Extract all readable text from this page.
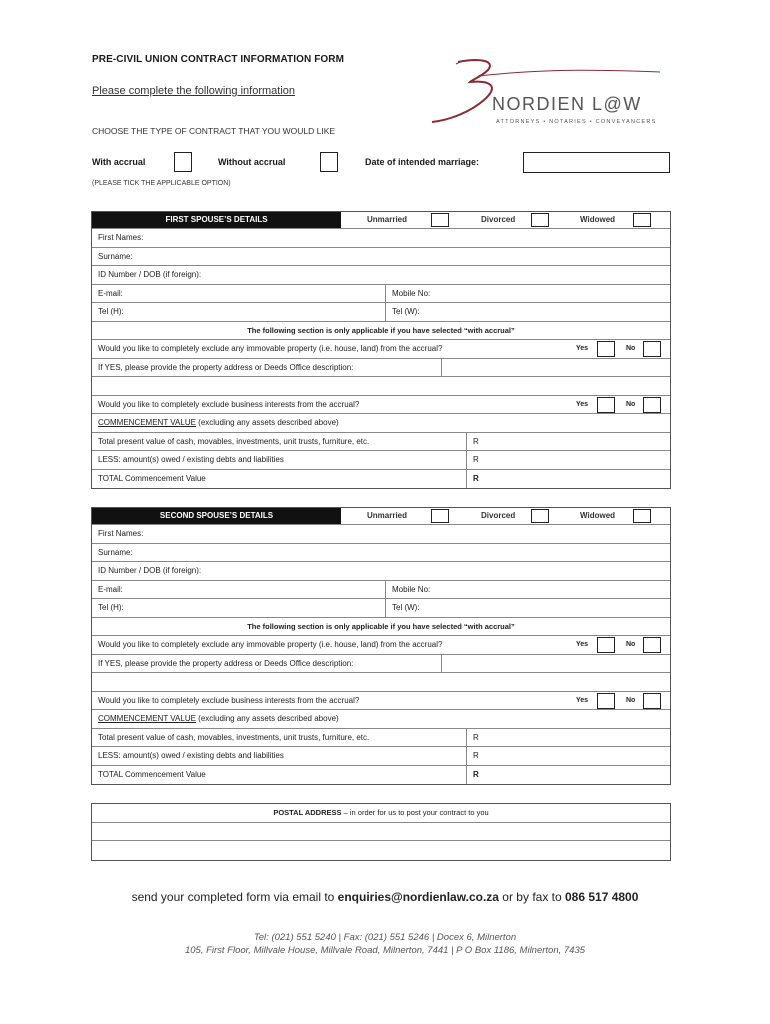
PRE-CIVIL UNION CONTRACT INFORMATION FORM
Please complete the following information
CHOOSE THE TYPE OF CONTRACT THAT YOU WOULD LIKE
NORDIEN L@W
ATTORNEYS • NOTARIES • CONVEYANCERS
With accrual	Without accrual	Date of intended marriage:
(PLEASE TICK THE APPLICABLE OPTION)
FIRST SPOUSE’S DETAILS	Unmarried	Divorced	Widowed
First Names:
Surname:
ID Number / DOB (if foreign):
E-mail:	Mobile No:
Tel (H):	Tel (W):
The following section is only applicable if you have selected “with accrual”
Would you like to completely exclude any immovable property (i.e. house, land) from the accrual?	Yes	No
If YES, please provide the property address or Deeds Office description:
Would you like to completely exclude business interests from the accrual?	Yes	No
COMMENCEMENT VALUE (excluding any assets described above)
Total present value of cash, movables, investments, unit trusts, furniture, etc.	R
LESS: amount(s) owed / existing debts and liabilities	R
TOTAL Commencement Value	R
SECOND SPOUSE’S DETAILS	Unmarried	Divorced	Widowed
First Names:
Surname:
ID Number / DOB (if foreign):
E-mail:	Mobile No:
Tel (H):	Tel (W):
The following section is only applicable if you have selected “with accrual”
Would you like to completely exclude any immovable property (i.e. house, land) from the accrual?	Yes	No
If YES, please provide the property address or Deeds Office description:
Would you like to completely exclude business interests from the accrual?	Yes	No
COMMENCEMENT VALUE (excluding any assets described above)
Total present value of cash, movables, investments, unit trusts, furniture, etc.	R
LESS: amount(s) owed / existing debts and liabilities	R
TOTAL Commencement Value	R
POSTAL ADDRESS – in order for us to post your contract to you
send your completed form via email to enquiries@nordienlaw.co.za or by fax to 086 517 4800
Tel: (021) 551 5240 | Fax: (021) 551 5246 | Docex 6, Milnerton
105, First Floor, Millvale House, Millvale Road, Milnerton, 7441 | P O Box 1186, Milnerton, 7435
